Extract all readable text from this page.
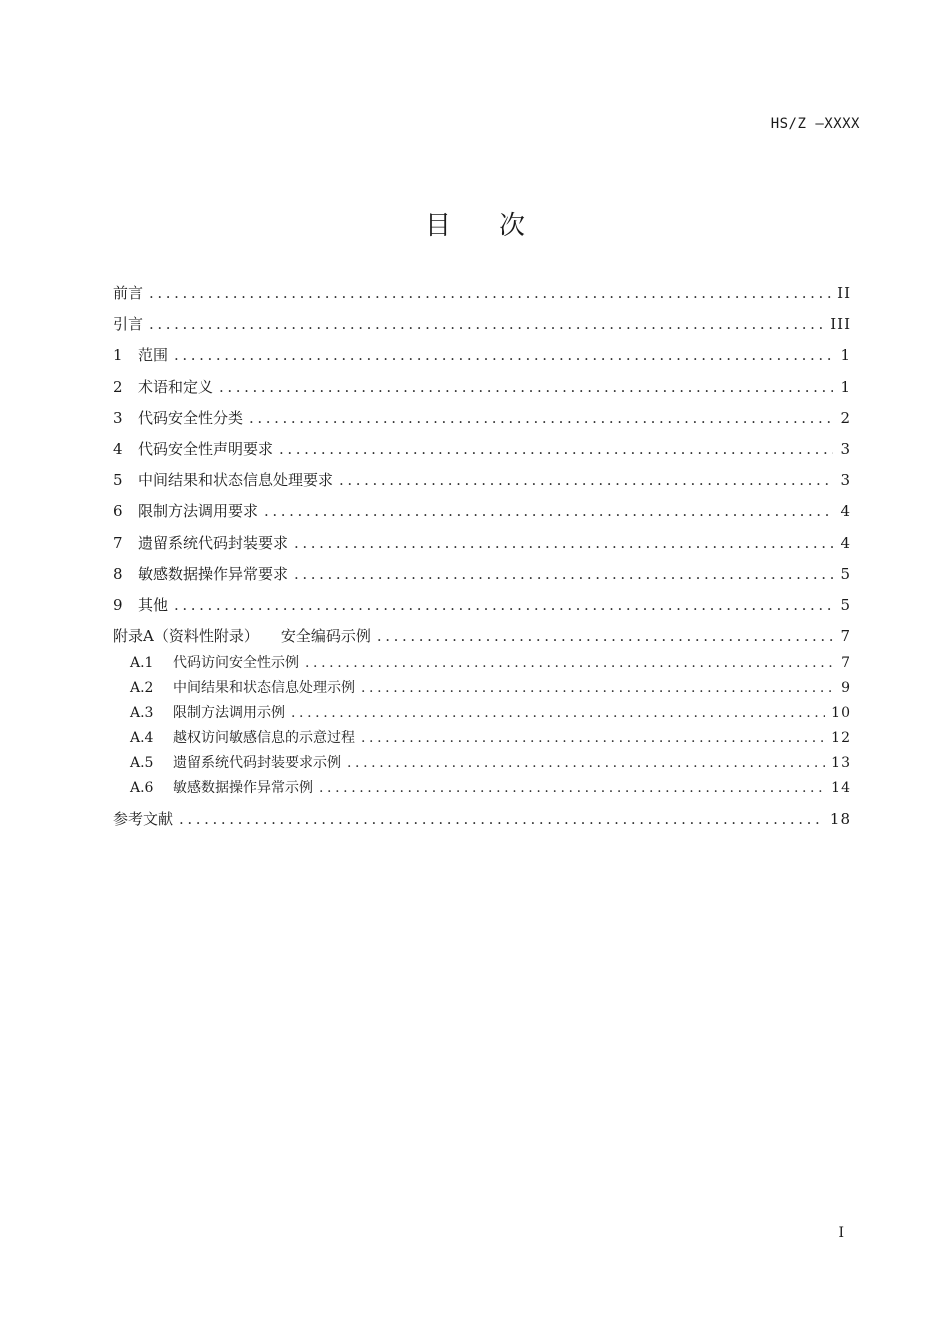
HS/Z —XXXX
目 次
前言 .....	II
引言 .....	III
1	范围 .....	1
2	术语和定义 .....	1
3	代码安全性分类 .....	2
4	代码安全性声明要求 .....	3
5	中间结果和状态信息处理要求 .....	3
6	限制方法调用要求 .....	4
7	遗留系统代码封装要求 .....	4
8	敏感数据操作异常要求 .....	5
9	其他 .....	5
附录A（资料性附录） 安全编码示例 .....	7
A.1	代码访问安全性示例 .....	7
A.2	中间结果和状态信息处理示例 .....	9
A.3	限制方法调用示例 .....	10
A.4	越权访问敏感信息的示意过程 .....	12
A.5	遗留系统代码封装要求示例 .....	13
A.6	敏感数据操作异常示例 .....	14
参考文献 .....	18
I
